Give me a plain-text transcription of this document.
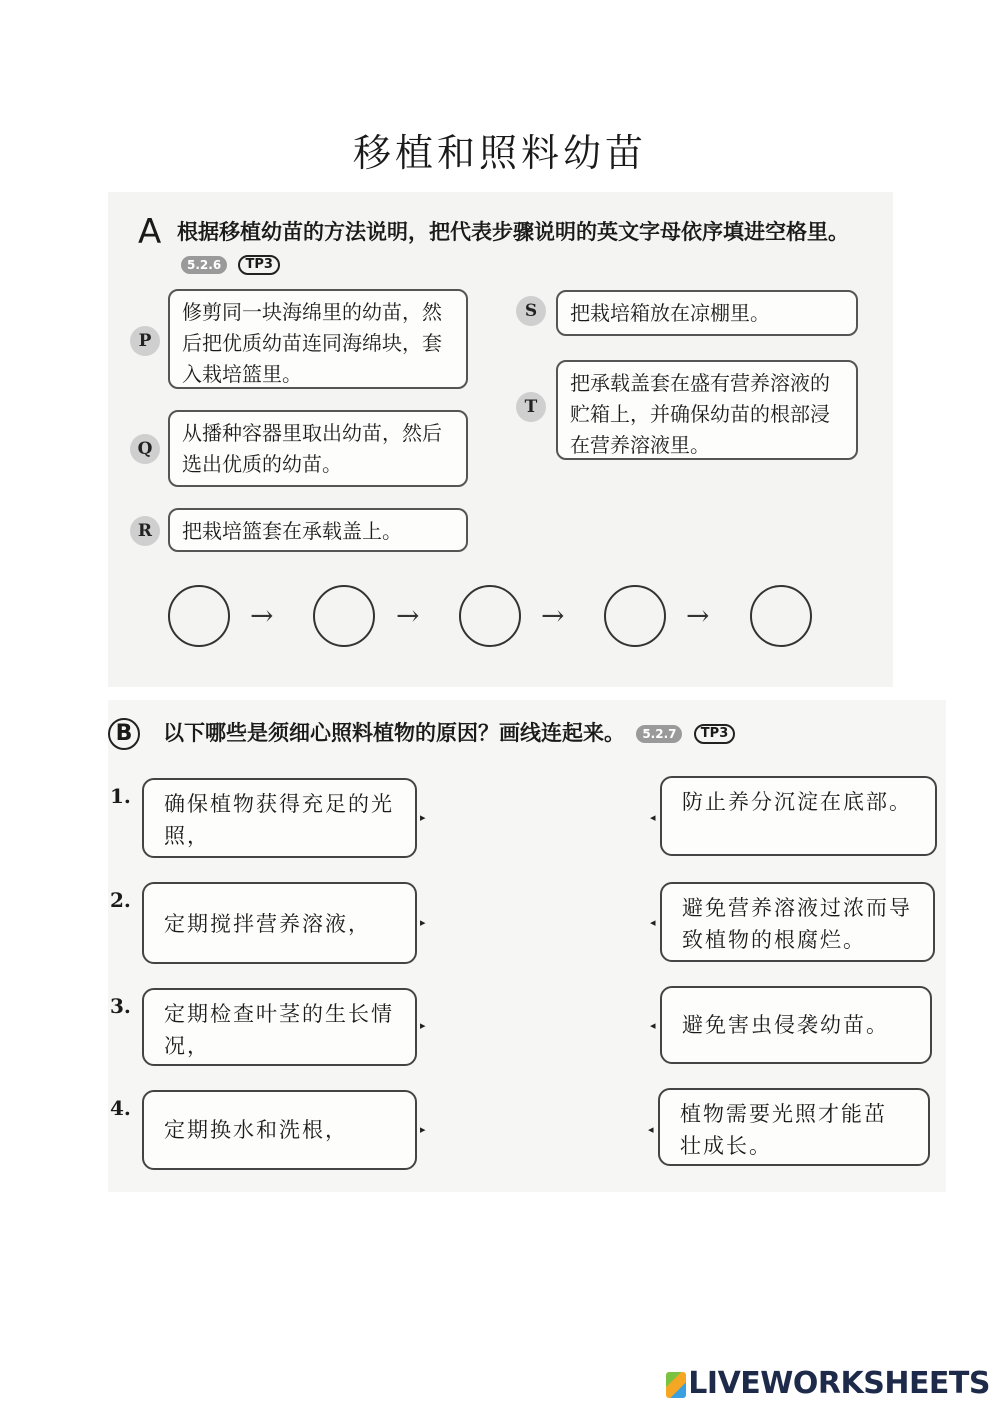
移植和照料幼苗
A 根据移植幼苗的方法说明，把代表步骤说明的英文字母依序填进空格里。 5.2.6 TP3
P
修剪同一块海绵里的幼苗，然后把优质幼苗连同海绵块，套入栽培篮里。
Q
从播种容器里取出幼苗，然后选出优质的幼苗。
R	把栽培篮套在承载盖上。
S	把栽培箱放在凉棚里。
T
把承载盖套在盛有营养溶液的贮箱上，并确保幼苗的根部浸在营养溶液里。
→	→	→	→
B	以下哪些是须细心照料植物的原因？画线连起来。 5.2.7 TP3
1.	确保植物获得充足的光照，
▸
2.
定期搅拌营养溶液，	▸
3.	定期检查叶茎的生长情况，
▸
4.
定期换水和洗根，	▸
◂
防止养分沉淀在底部。
◂
避免营养溶液过浓而导致植物的根腐烂。
◂	避免害虫侵袭幼苗。
◂
植物需要光照才能茁壮成长。
LIVEWORKSHEETS
